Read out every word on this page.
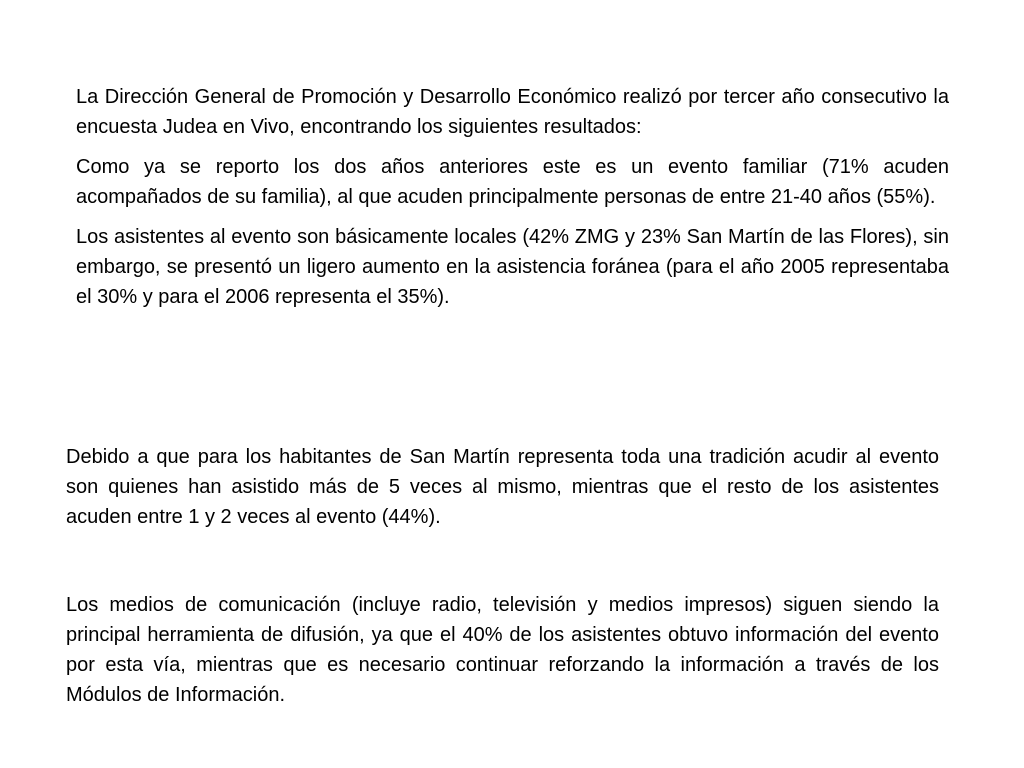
La Dirección General de Promoción y Desarrollo Económico realizó por tercer año consecutivo la encuesta Judea en Vivo, encontrando los siguientes resultados:

Como ya se reporto los dos años anteriores este es un evento familiar (71% acuden acompañados de su familia), al que acuden principalmente personas de entre 21-40 años (55%).

Los asistentes al evento son básicamente locales (42% ZMG y 23% San Martín de las Flores), sin embargo, se presentó un ligero aumento en la asistencia foránea (para el año 2005 representaba el 30% y para el 2006 representa el 35%).

Debido a que para los habitantes de San Martín representa toda una tradición acudir al evento son quienes han asistido más de 5 veces al mismo, mientras que el resto de los asistentes acuden entre 1 y 2 veces al evento (44%).

Los medios de comunicación (incluye radio, televisión y medios impresos) siguen siendo la principal herramienta de difusión, ya que el 40% de los asistentes obtuvo información del evento por esta vía, mientras que es necesario continuar reforzando la información a través de los Módulos de Información.
